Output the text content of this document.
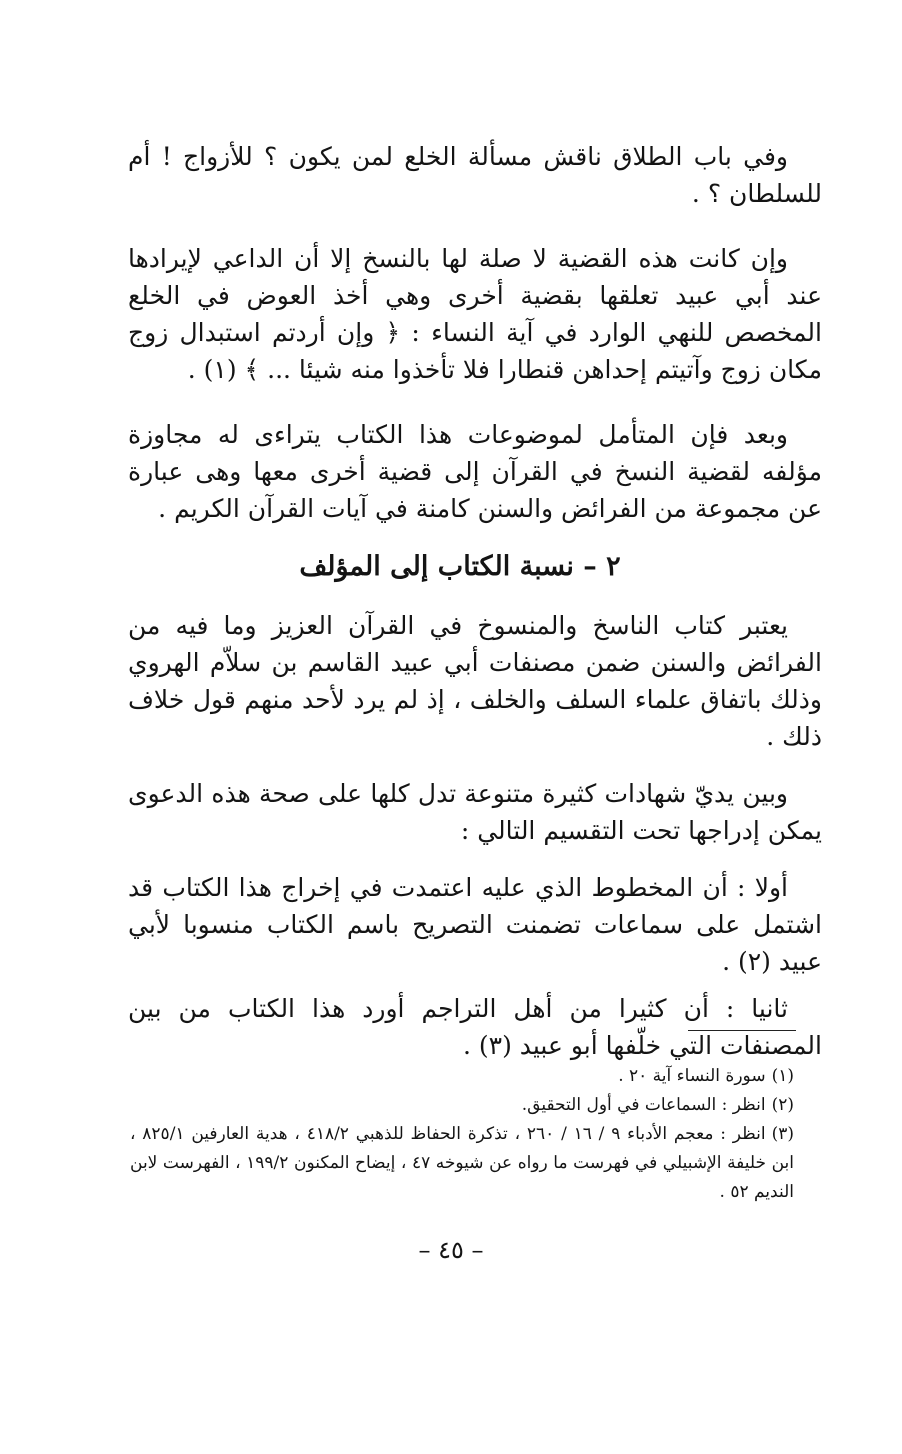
وفي باب الطلاق ناقش مسألة الخلع لمن يكون ؟ للأزواج ! أم للسلطان ؟ .

وإن كانت هذه القضية لا صلة لها بالنسخ إلا أن الداعي لإيرادها عند أبي عبيد تعلقها بقضية أخرى وهي أخذ العوض في الخلع المخصص للنهي الوارد في آية النساء : ﴿ وإن أردتم استبدال زوج مكان زوج وآتيتم إحداهن قنطارا فلا تأخذوا منه شيئا ... ﴾ (١) .

وبعد فإن المتأمل لموضوعات هذا الكتاب يتراءى له مجاوزة مؤلفه لقضية النسخ في القرآن إلى قضية أخرى معها وهى عبارة عن مجموعة من الفرائض والسنن كامنة في آيات القرآن الكريم .

٢ – نسبة الكتاب إلى المؤلف

يعتبر كتاب الناسخ والمنسوخ في القرآن العزيز وما فيه من الفرائض والسنن ضمن مصنفات أبي عبيد القاسم بن سلاّم الهروي وذلك باتفاق علماء السلف والخلف ، إذ لم يرد لأحد منهم قول خلاف ذلك .

وبين يديّ شهادات كثيرة متنوعة تدل كلها على صحة هذه الدعوى يمكن إدراجها تحت التقسيم التالي :

أولا : أن المخطوط الذي عليه اعتمدت في إخراج هذا الكتاب قد اشتمل على سماعات تضمنت التصريح باسم الكتاب منسوبا لأبي عبيد (٢) .

ثانيا : أن كثيرا من أهل التراجم أورد هذا الكتاب من بين المصنفات التي خلّفها أبو عبيد (٣) .

(١)سورة النساء آية ٢٠ .

(٢)انظر : السماعات في أول التحقيق.

(٣)انظر : معجم الأدباء ٩ / ١٦ / ٢٦٠ ، تذكرة الحفاظ للذهبي ٤١٨/٢ ، هدية العارفين ٨٢٥/١ ، ابن خليفة الإشبيلي في فهرست ما رواه عن شيوخه ٤٧ ، إيضاح المكنون ١٩٩/٢ ، الفهرست لابن النديم ٥٢ .

– ٤٥ –
